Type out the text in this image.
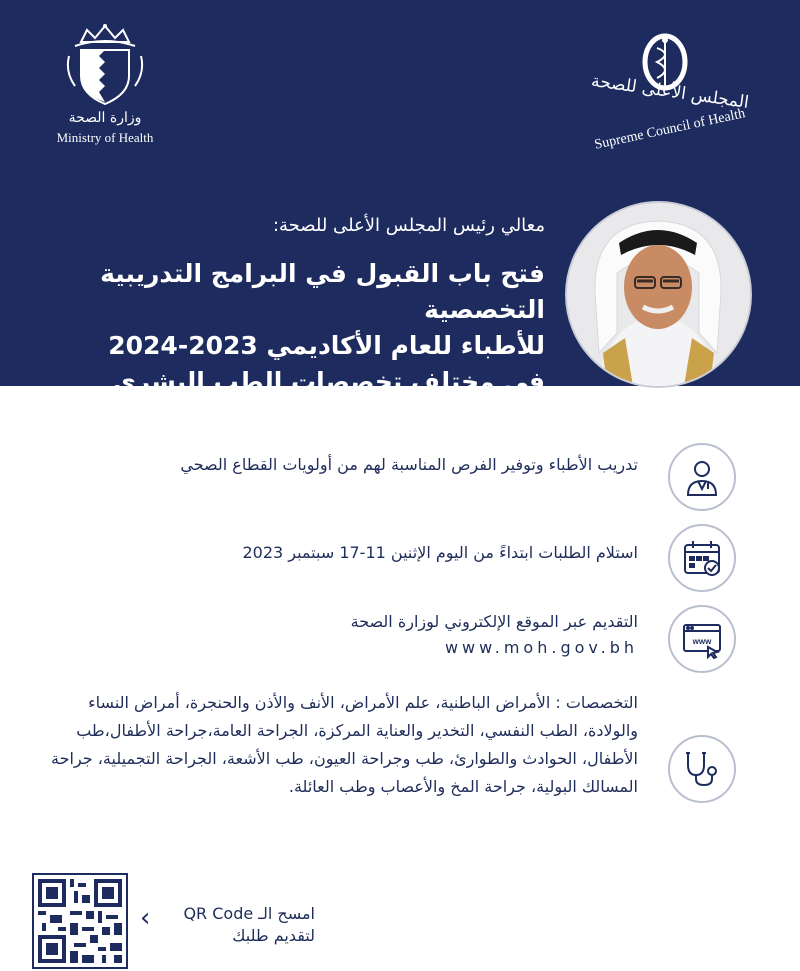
وزارة الصحة
Ministry of Health
المجلس الأعلى للصحة
Supreme Council of Health
معالي رئيس المجلس الأعلى للصحة:
فتح باب القبول في البرامج التدريبية التخصصية
للأطباء للعام الأكاديمي 2023-2024
في مختلف تخصصات الطب البشري
تدريب الأطباء وتوفير الفرص المناسبة لهم من أولويات القطاع الصحي
استلام الطلبات ابتداءً من اليوم الإثنين 11-17 سبتمبر 2023
www
التقديم عبر الموقع الإلكتروني لوزارة الصحة
www.moh.gov.bh
التخصصات : الأمراض الباطنية، علم الأمراض، الأنف والأذن والحنجرة، أمراض النساء والولادة، الطب النفسي، التخدير والعناية المركزة، الجراحة العامة،جراحة الأطفال،طب الأطفال، الحوادث والطوارئ، طب وجراحة العيون، طب الأشعة، الجراحة التجميلية، جراحة المسالك البولية، جراحة المخ والأعصاب وطب العائلة.
‹	امسح الـ QR Code
لتقديم طلبك
